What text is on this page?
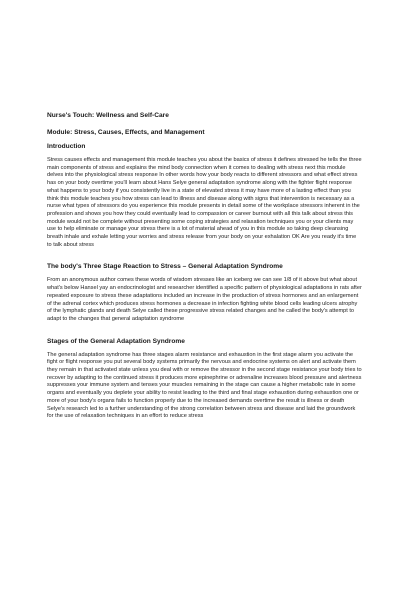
Nurse's Touch: Wellness and Self-Care
Module: Stress, Causes, Effects, and Management
Introduction

Stress causes effects and management this module teaches you about the basics of stress it defines stressed he tells the three main components of stress and explains the mind body connection when it comes to dealing with stress next this module delves into the physiological stress response In other words how your body reacts to different stressors and what effect stress has on your body overtime you'll learn about Hans Selye general adaptation syndrome along with the fighter flight response what happens to your body if you consistently live in a state of elevated stress it may have more of a lasting effect than you think this module teaches you how stress can lead to illness and disease along with signs that intervention is necessary as a nurse what types of stressors do you experience this module presents in detail some of the workplace stressors inherent in the profession and shows you how they could eventually lead to compassion or career burnout with all this talk about stress this module would not be complete without presenting some coping strategies and relaxation techniques you or your clients may use to help eliminate or manage your stress there is a lot of material ahead of you in this module so taking deep cleansing breath inhale and exhale letting your worries and stress release from your body on your exhalation OK Are you ready it's time to talk about stress

The body's Three Stage Reaction to Stress – General Adaptation Syndrome

From an anonymous author comes these words of wisdom stresses like an iceberg we can see 1/8 of it above but what about what's below Hansel yay an endocrinologist and researcher identified a specific pattern of physiological adaptations in rats after repeated exposure to stress these adaptations included an increase in the production of stress hormones and an enlargement of the adrenal cortex which produces stress hormones a decrease in infection fighting white blood cells leading ulcers atrophy of the lymphatic glands and death Selye called these progressive stress related changes and he called the body's attempt to adapt to the changes that general adaptation syndrome

Stages of the General Adaptation Syndrome

The general adaptation syndrome has three stages alarm resistance and exhaustion in the first stage alarm you activate the fight or flight response you put several body systems primarily the nervous and endocrine systems on alert and activate them they remain in that activated state unless you deal with or remove the stressor in the second stage resistance your body tries to recover by adapting to the continued stress it produces more epinephrine or adrenaline increases blood pressure and alertness suppresses your immune system and tenses your muscles remaining in the stage can cause a higher metabolic rate in some organs and eventually you deplete your ability to resist leading to the third and final stage exhaustion during exhaustion one or more of your body's organs fails to function properly due to the increased demands overtime the result is illness or death Selye's research led to a further understanding of the strong correlation between stress and disease and laid the groundwork for the use of relaxation techniques in an effort to reduce stress
